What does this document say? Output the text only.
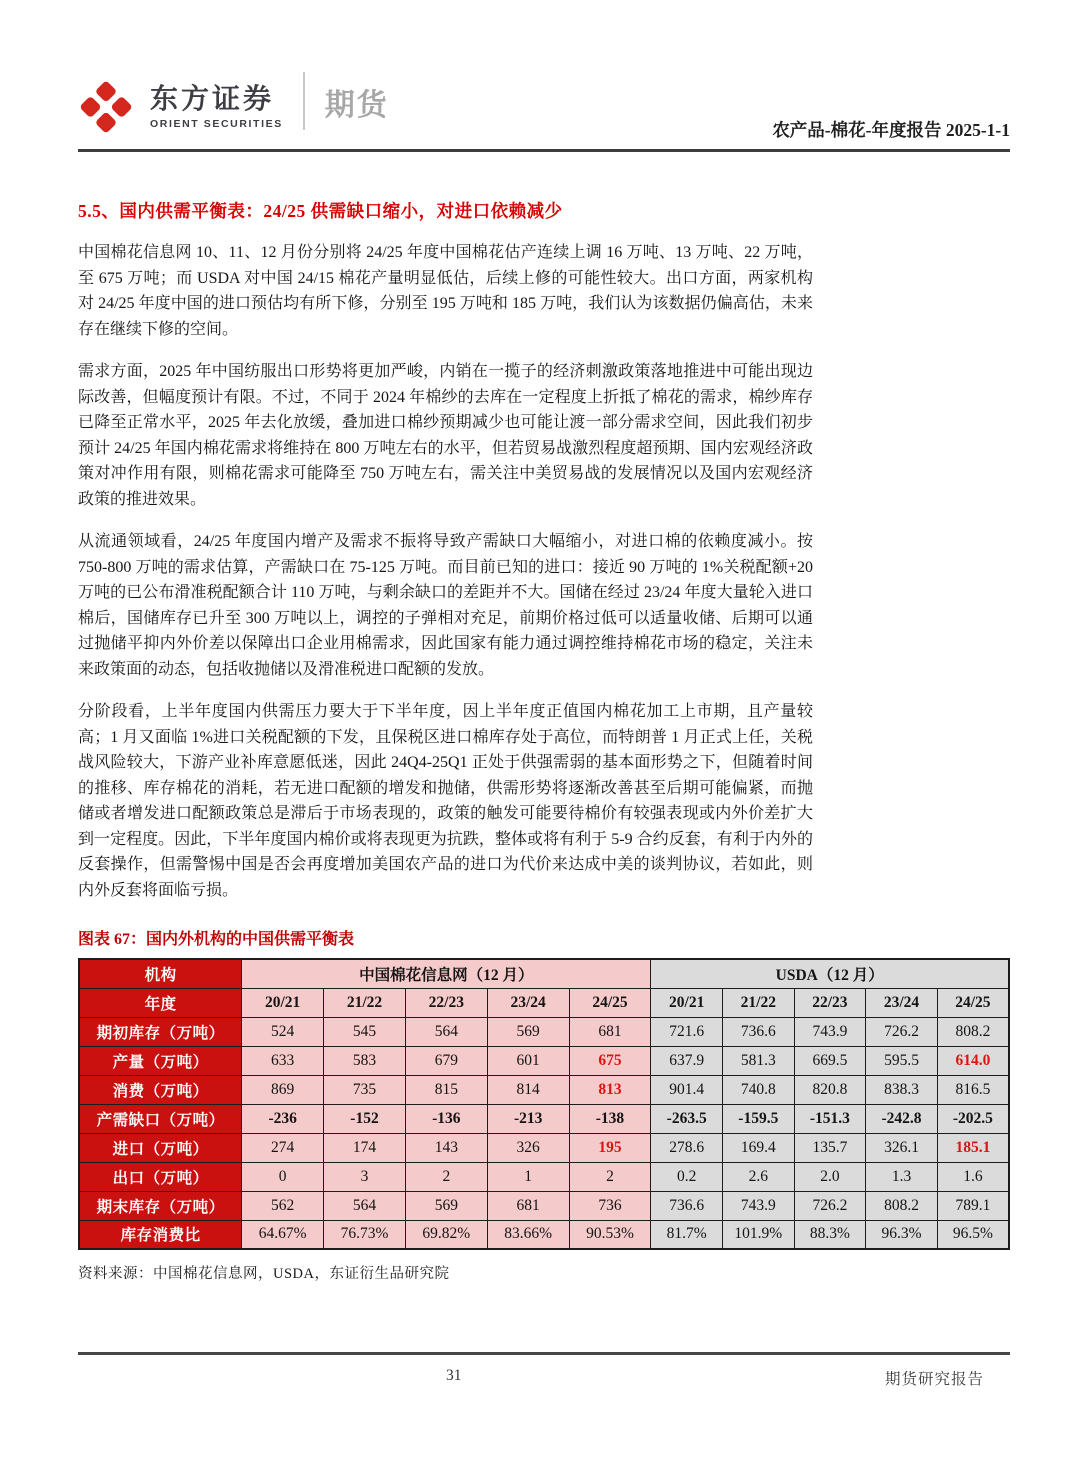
东方证券
ORIENT SECURITIES
期货
农产品-棉花-年度报告 2025-1-1
5.5、国内供需平衡表：24/25 供需缺口缩小，对进口依赖减少

中国棉花信息网 10、11、12 月份分别将 24/25 年度中国棉花估产连续上调 16 万吨、13 万吨、22 万吨，至 675 万吨；而 USDA 对中国 24/15 棉花产量明显低估，后续上修的可能性较大。出口方面，两家机构对 24/25 年度中国的进口预估均有所下修，分别至 195 万吨和 185 万吨，我们认为该数据仍偏高估，未来存在继续下修的空间。

需求方面，2025 年中国纺服出口形势将更加严峻，内销在一揽子的经济刺激政策落地推进中可能出现边际改善，但幅度预计有限。不过，不同于 2024 年棉纱的去库在一定程度上折抵了棉花的需求，棉纱库存已降至正常水平，2025 年去化放缓，叠加进口棉纱预期减少也可能让渡一部分需求空间，因此我们初步预计 24/25 年国内棉花需求将维持在 800 万吨左右的水平，但若贸易战激烈程度超预期、国内宏观经济政策对冲作用有限，则棉花需求可能降至 750 万吨左右，需关注中美贸易战的发展情况以及国内宏观经济政策的推进效果。

从流通领域看，24/25 年度国内增产及需求不振将导致产需缺口大幅缩小，对进口棉的依赖度减小。按 750-800 万吨的需求估算，产需缺口在 75-125 万吨。而目前已知的进口：接近 90 万吨的 1%关税配额+20 万吨的已公布滑准税配额合计 110 万吨，与剩余缺口的差距并不大。国储在经过 23/24 年度大量轮入进口棉后，国储库存已升至 300 万吨以上，调控的子弹相对充足，前期价格过低可以适量收储、后期可以通过抛储平抑内外价差以保障出口企业用棉需求，因此国家有能力通过调控维持棉花市场的稳定，关注未来政策面的动态，包括收抛储以及滑准税进口配额的发放。

分阶段看，上半年度国内供需压力要大于下半年度，因上半年度正值国内棉花加工上市期，且产量较高；1 月又面临 1%进口关税配额的下发，且保税区进口棉库存处于高位，而特朗普 1 月正式上任，关税战风险较大，下游产业补库意愿低迷，因此 24Q4-25Q1 正处于供强需弱的基本面形势之下，但随着时间的推移、库存棉花的消耗，若无进口配额的增发和抛储，供需形势将逐渐改善甚至后期可能偏紧，而抛储或者增发进口配额政策总是滞后于市场表现的，政策的触发可能要待棉价有较强表现或内外价差扩大到一定程度。因此，下半年度国内棉价或将表现更为抗跌，整体或将有利于 5-9 合约反套，有利于内外的反套操作，但需警惕中国是否会再度增加美国农产品的进口为代价来达成中美的谈判协议，若如此，则内外反套将面临亏损。

图表 67：国内外机构的中国供需平衡表
机构	中国棉花信息网（12 月）					USDA（12 月）				
年度	20/21	21/22	22/23	23/24	24/25	20/21	21/22	22/23	23/24	24/25
期初库存（万吨）	524	545	564	569	681	721.6	736.6	743.9	726.2	808.2
产量（万吨）	633	583	679	601	675	637.9	581.3	669.5	595.5	614.0
消费（万吨）	869	735	815	814	813	901.4	740.8	820.8	838.3	816.5
产需缺口（万吨）	-236	-152	-136	-213	-138	-263.5	-159.5	-151.3	-242.8	-202.5
进口（万吨）	274	174	143	326	195	278.6	169.4	135.7	326.1	185.1
出口（万吨）	0	3	2	1	2	0.2	2.6	2.0	1.3	1.6
期末库存（万吨）	562	564	569	681	736	736.6	743.9	726.2	808.2	789.1
库存消费比	64.67%	76.73%	69.82%	83.66%	90.53%	81.7%	101.9%	88.3%	96.3%	96.5%
资料来源：中国棉花信息网，USDA，东证衍生品研究院
31	期货研究报告
